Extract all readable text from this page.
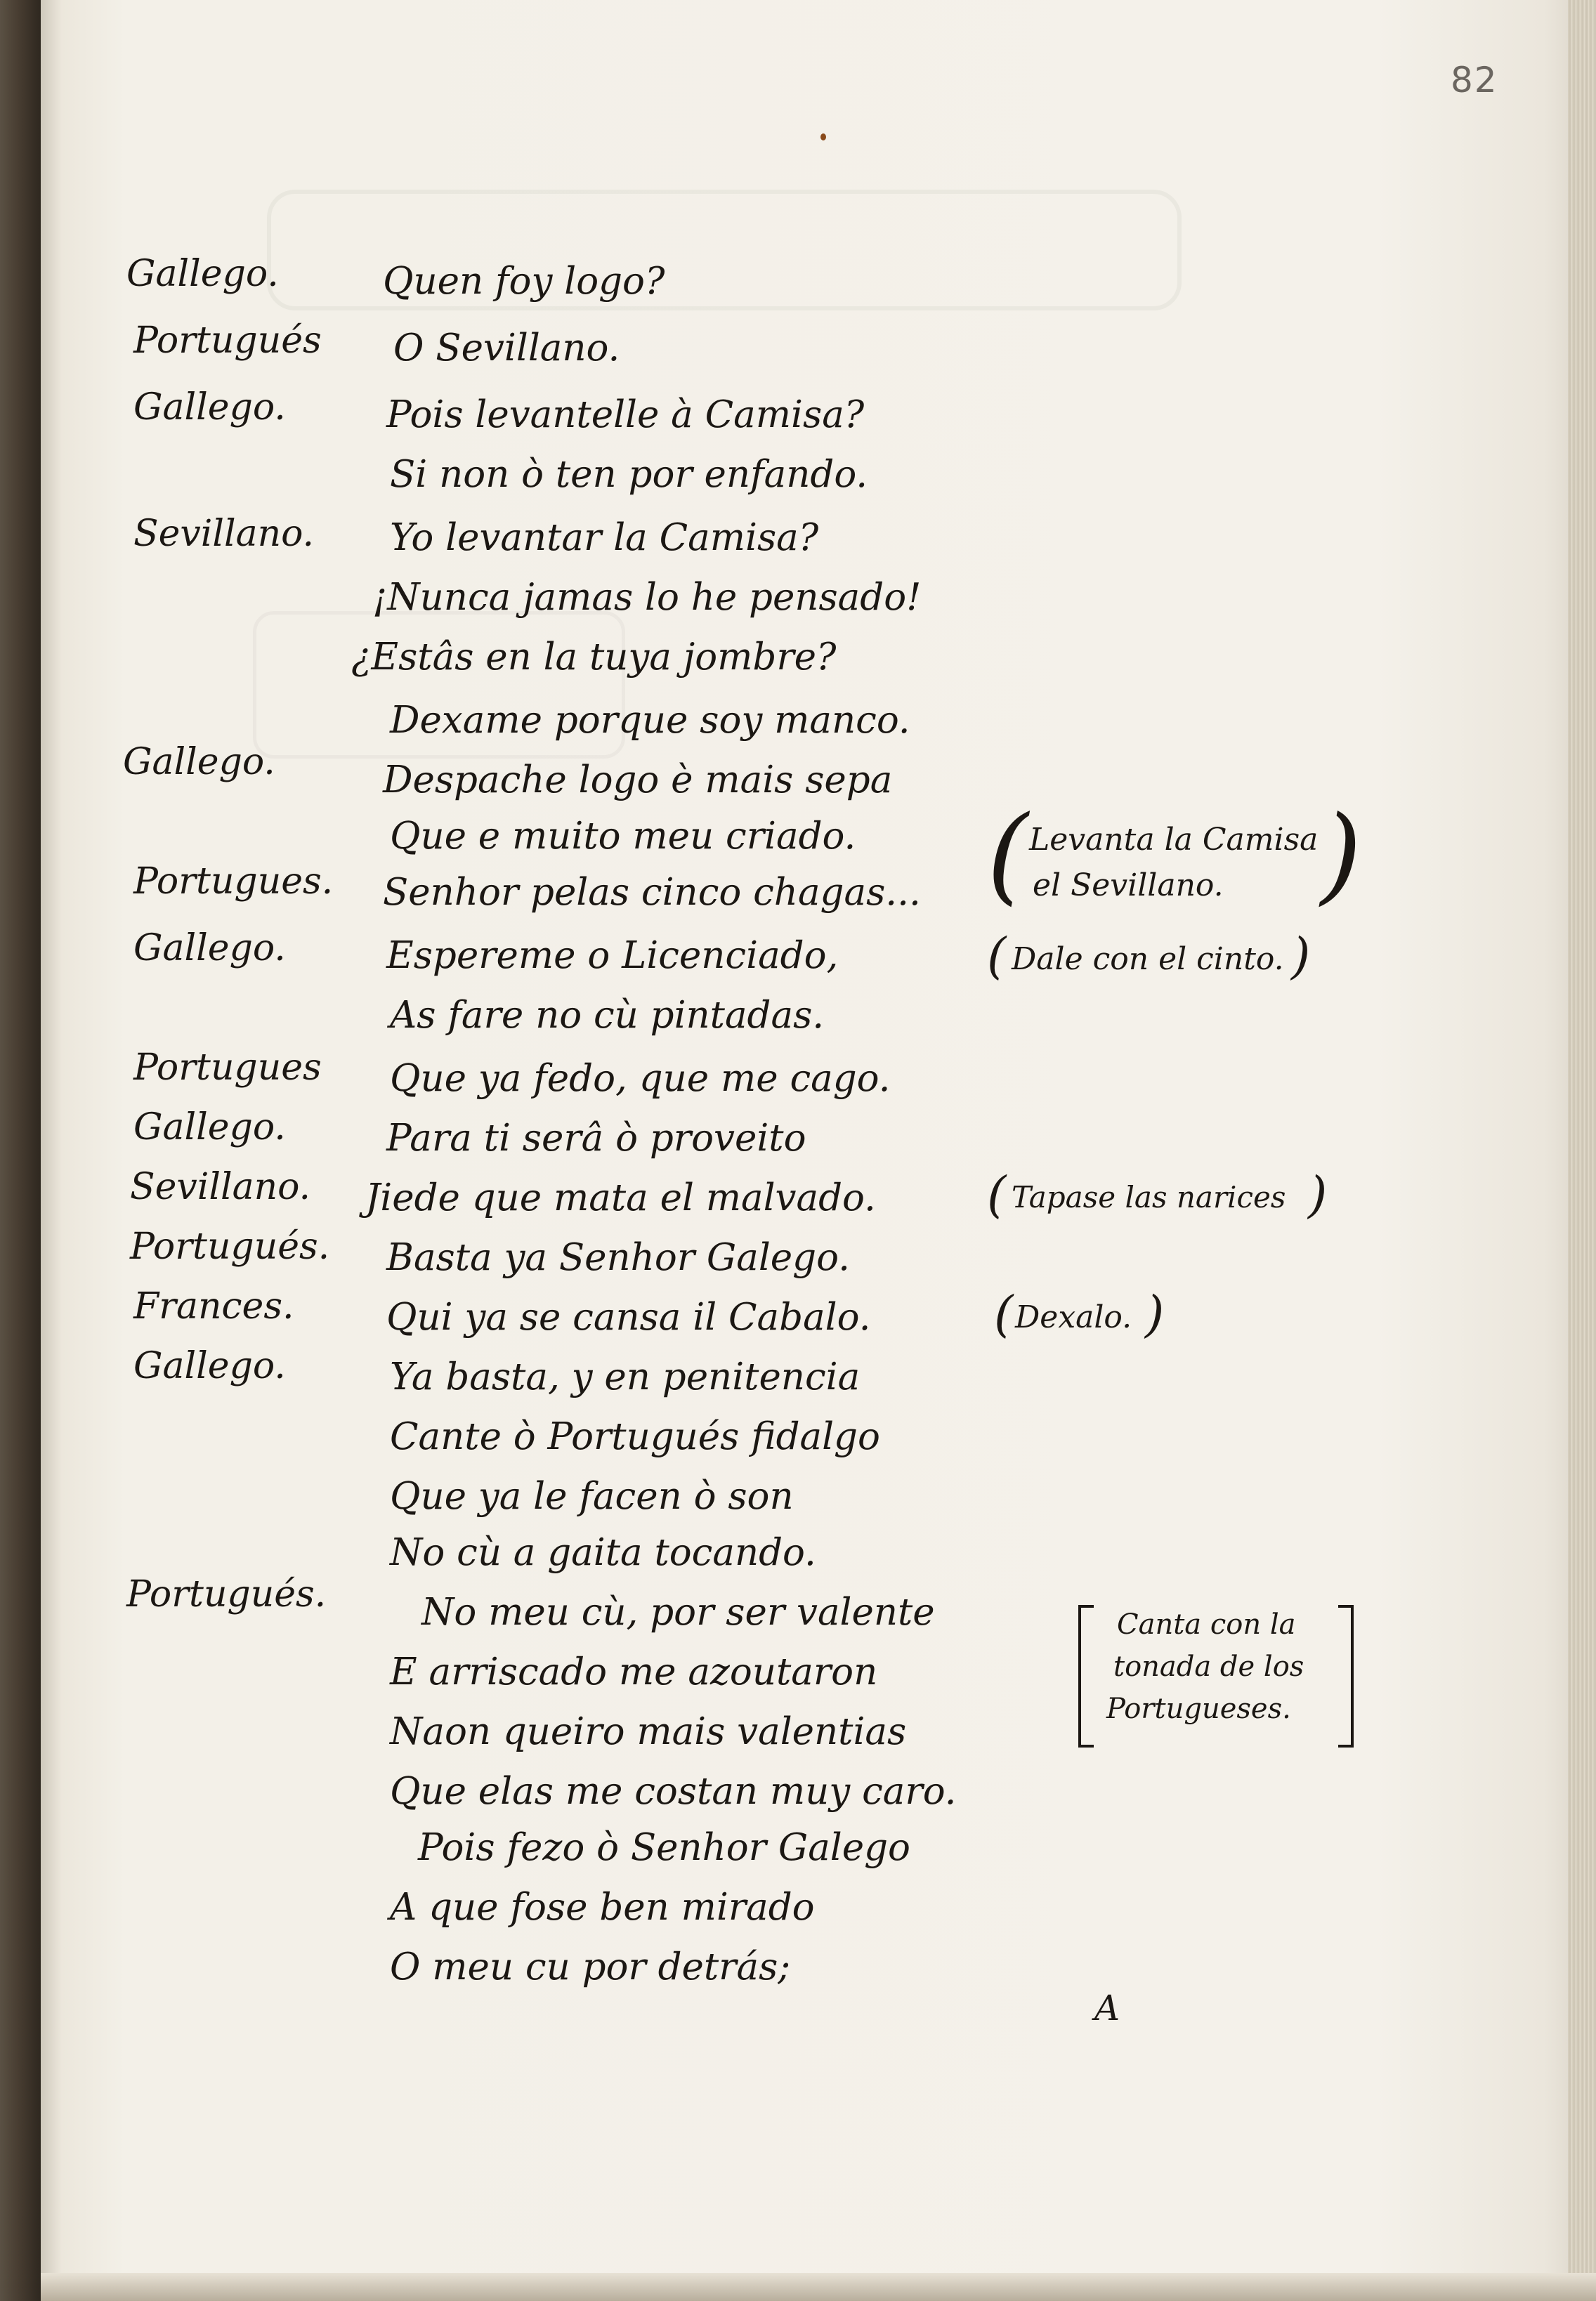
82
Gallego.
Portugués
Gallego.
Sevillano.
Gallego.
Portugues.
Gallego.
Portugues
Gallego.
Sevillano.
Portugués.
Frances.
Gallego.
Portugués.
Quen foy logo?
O Sevillano.
Pois levantelle à Camisa?
Si non ò ten por enfando.
Yo levantar la Camisa?
¡Nunca jamas lo he pensado!
¿Estâs en la tuya jombre?
Dexame porque soy manco.
Despache logo è mais sepa
Que e muito meu criado.
Senhor pelas cinco chagas...
Espereme o Licenciado,
As fare no cù pintadas.
Que ya fedo, que me cago.
Para ti serâ ò proveito
Jiede que mata el malvado.
Basta ya Senhor Galego.
Qui ya se cansa il Cabalo.
Ya basta, y en penitencia
Cante ò Portugués fidalgo
Que ya le facen ò son
No cù a gaita tocando.
No meu cù, por ser valente
E arriscado me azoutaron
Naon queiro mais valentias
Que elas me costan muy caro.
Pois fezo ò Senhor Galego
A que fose ben mirado
O meu cu por detrás;
( Levanta la Camisa
el Sevillano. )
( Dale con el cinto. )
( Tapase las narices )
( Dexalo. )
Canta con la
tonada de los
Portugueses.
A
